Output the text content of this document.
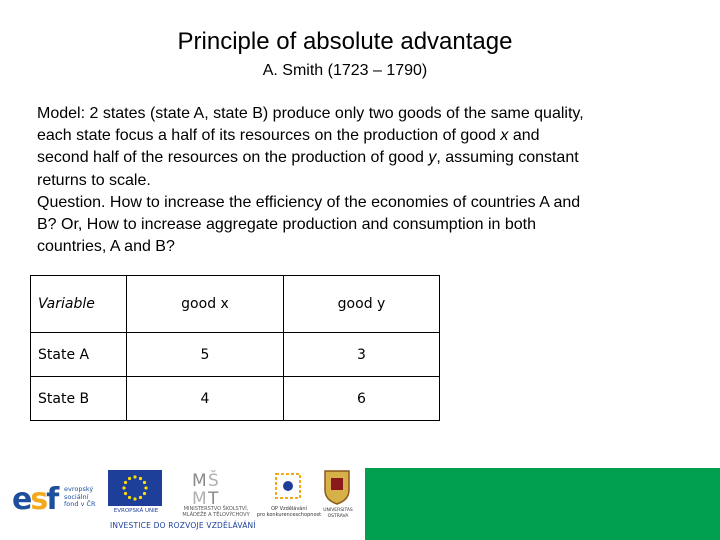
Principle of absolute advantage
A. Smith (1723 – 1790)

Model: 2 states (state A, state B) produce only two goods of the same quality,

each state focus a half of its resources on the production of good x and

second half of the resources on the production of good y, assuming constant

returns to scale.

Question. How to increase the efficiency of the economies of countries A and

B? Or, How to increase aggregate production and consumption in both

countries, A and B?

Variable	good x	good y
State A	5	3
State B	4	6
esf evropský
sociální
fond v ČR
EVROPSKÁ UNIE
M Š
M T
MINISTERSTVO ŠKOLSTVÍ,
MLÁDEŽE A TĚLOVÝCHOVY
OP Vzdělávání
pro konkurenceschopnost
UNIVERSITAS
OSTRAVA
INVESTICE DO ROZVOJE VZDĚLÁVÁNÍ
